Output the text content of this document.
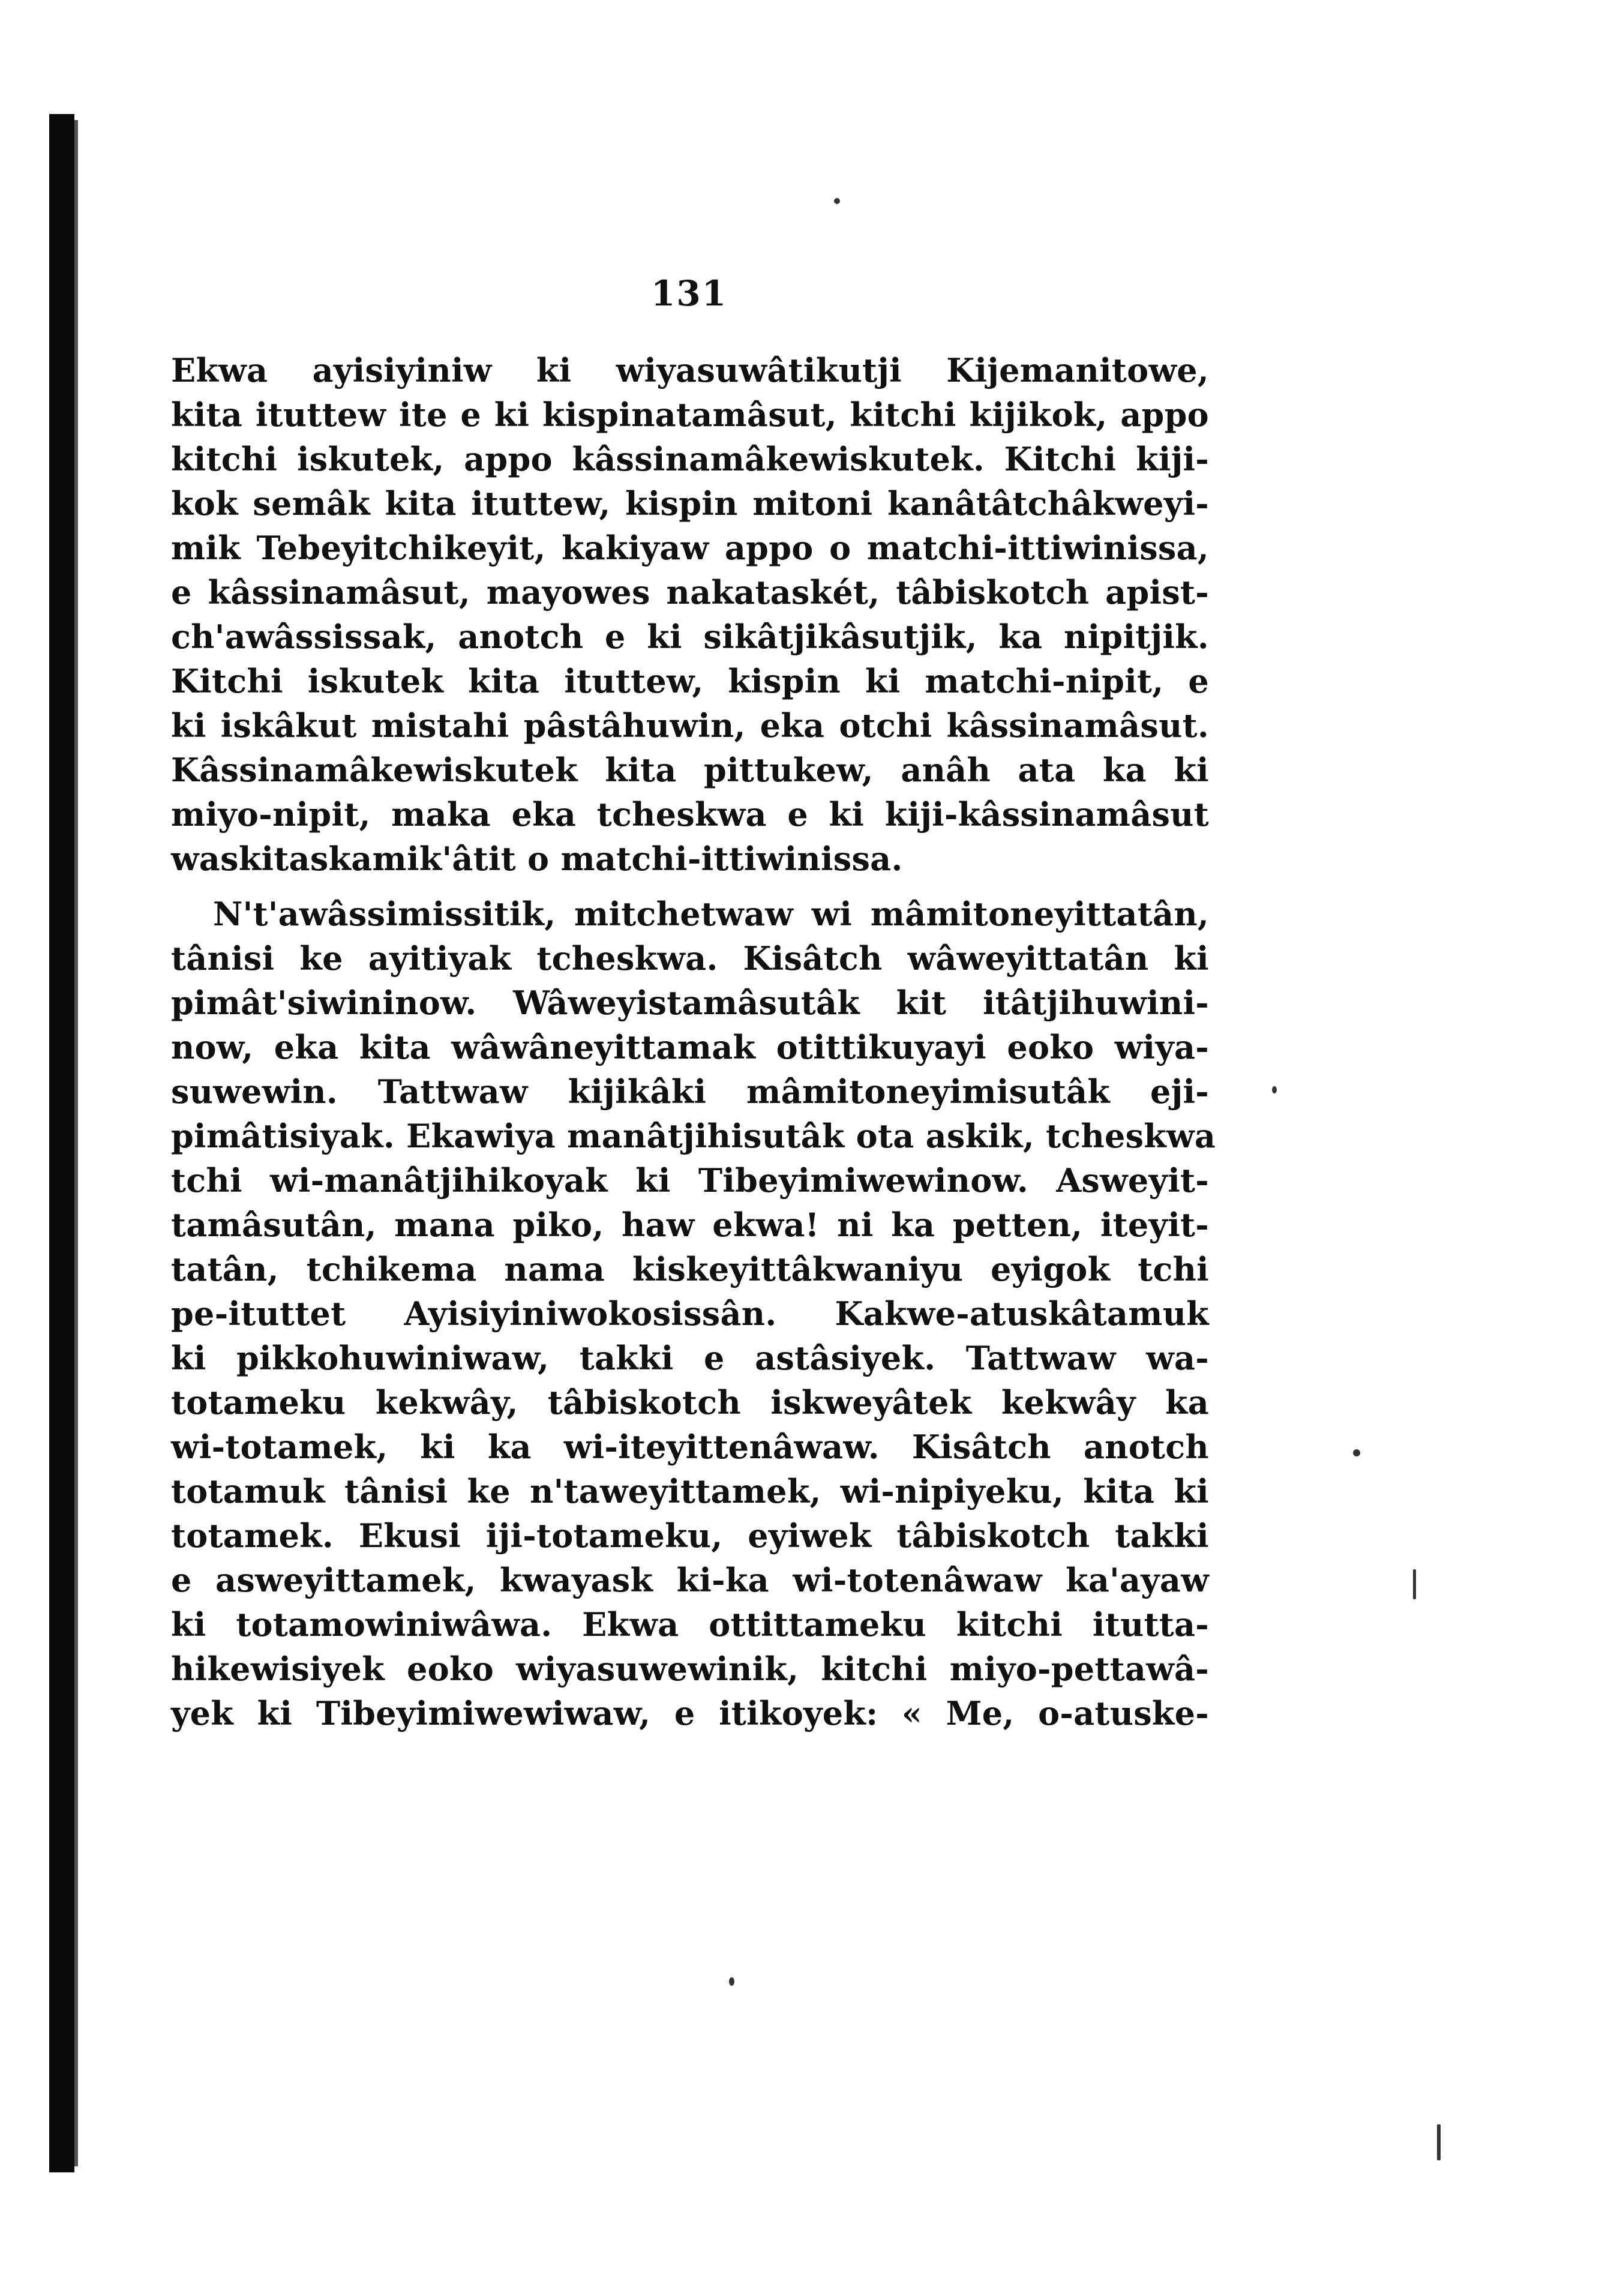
131
Ekwa ayisiyiniw ki wiyasuwâtikutji Kijemanitowe,
kita ituttew ite e ki kispinatamâsut, kitchi kijikok, appo
kitchi iskutek, appo kâssinamâkewiskutek. Kitchi kiji-
kok semâk kita ituttew, kispin mitoni kanâtâtchâkweyi-
mik Tebeyitchikeyit, kakiyaw appo o matchi-ittiwinissa,
e kâssinamâsut, mayowes nakataskét, tâbiskotch apist-
ch'awâssissak, anotch e ki sikâtjikâsutjik, ka nipitjik.
Kitchi iskutek kita ituttew, kispin ki matchi-nipit, e
ki iskâkut mistahi pâstâhuwin, eka otchi kâssinamâsut.
Kâssinamâkewiskutek kita pittukew, anâh ata ka ki
miyo-nipit, maka eka tcheskwa e ki kiji-kâssinamâsut
waskitaskamik'âtit o matchi-ittiwinissa.
N't'awâssimissitik, mitchetwaw wi mâmitoneyittatân,
tânisi ke ayitiyak tcheskwa. Kisâtch wâweyittatân ki
pimât'siwininow. Wâweyistamâsutâk kit itâtjihuwini-
now, eka kita wâwâneyittamak otittikuyayi eoko wiya-
suwewin. Tattwaw kijikâki mâmitoneyimisutâk eji-
pimâtisiyak. Ekawiya manâtjihisutâk ota askik, tcheskwa
tchi wi-manâtjihikoyak ki Tibeyimiwewinow. Asweyit-
tamâsutân, mana piko, haw ekwa! ni ka petten, iteyit-
tatân, tchikema nama kiskeyittâkwaniyu eyigok tchi
pe-ituttet Ayisiyiniwokosissân. Kakwe-atuskâtamuk
ki pikkohuwiniwaw, takki e astâsiyek. Tattwaw wa-
totameku kekwây, tâbiskotch iskweyâtek kekwây ka
wi-totamek, ki ka wi-iteyittenâwaw. Kisâtch anotch
totamuk tânisi ke n'taweyittamek, wi-nipiyeku, kita ki
totamek. Ekusi iji-totameku, eyiwek tâbiskotch takki
e asweyittamek, kwayask ki-ka wi-totenâwaw ka'ayaw
ki totamowiniwâwa. Ekwa ottittameku kitchi itutta-
hikewisiyek eoko wiyasuwewinik, kitchi miyo-pettawâ-
yek ki Tibeyimiwewiwaw, e itikoyek: « Me, o-atuske-
